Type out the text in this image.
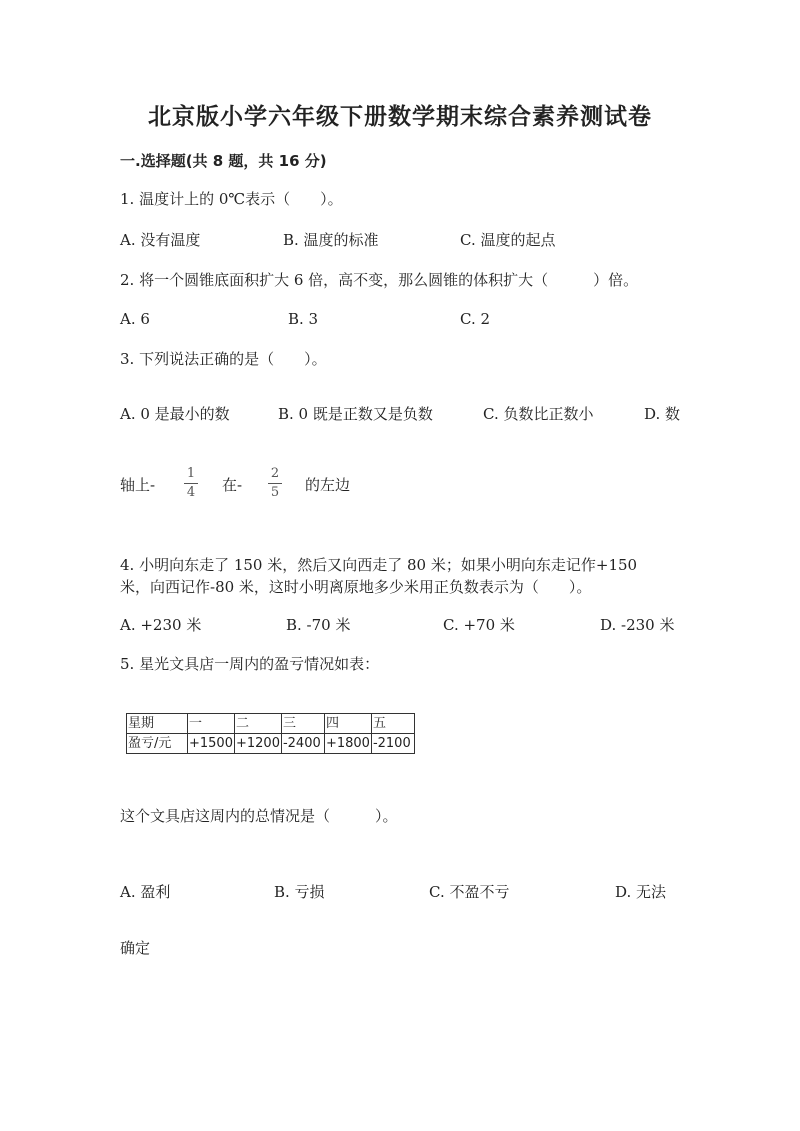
北京版小学六年级下册数学期末综合素养测试卷
一.选择题(共 8 题，共 16 分)
1. 温度计上的 0℃表示（　　）。
A. 没有温度	B. 温度的标准	C. 温度的起点
2. 将一个圆锥底面积扩大 6 倍，高不变，那么圆锥的体积扩大（　　　）倍。
A. 6	B. 3	C. 2
3. 下列说法正确的是（　　）。
A. 0 是最小的数	B. 0 既是正数又是负数	C. 负数比正数小	D. 数
轴上- $\frac{1}{4}$ 在- $\frac{2}{5}$ 的左边
4. 小明向东走了 150 米，然后又向西走了 80 米；如果小明向东走记作+150
米，向西记作-80 米，这时小明离原地多少米用正负数表示为（　　）。
A. +230 米	B. -70 米	C. +70 米	D. -230 米
5. 星光文具店一周内的盈亏情况如表：
星期	一	二	三	四	五
盈亏/元	+1500	+1200	-2400	+1800	-2100
这个文具店这周内的总情况是（　　　）。
A. 盈利	B. 亏损	C. 不盈不亏	D. 无法
确定
